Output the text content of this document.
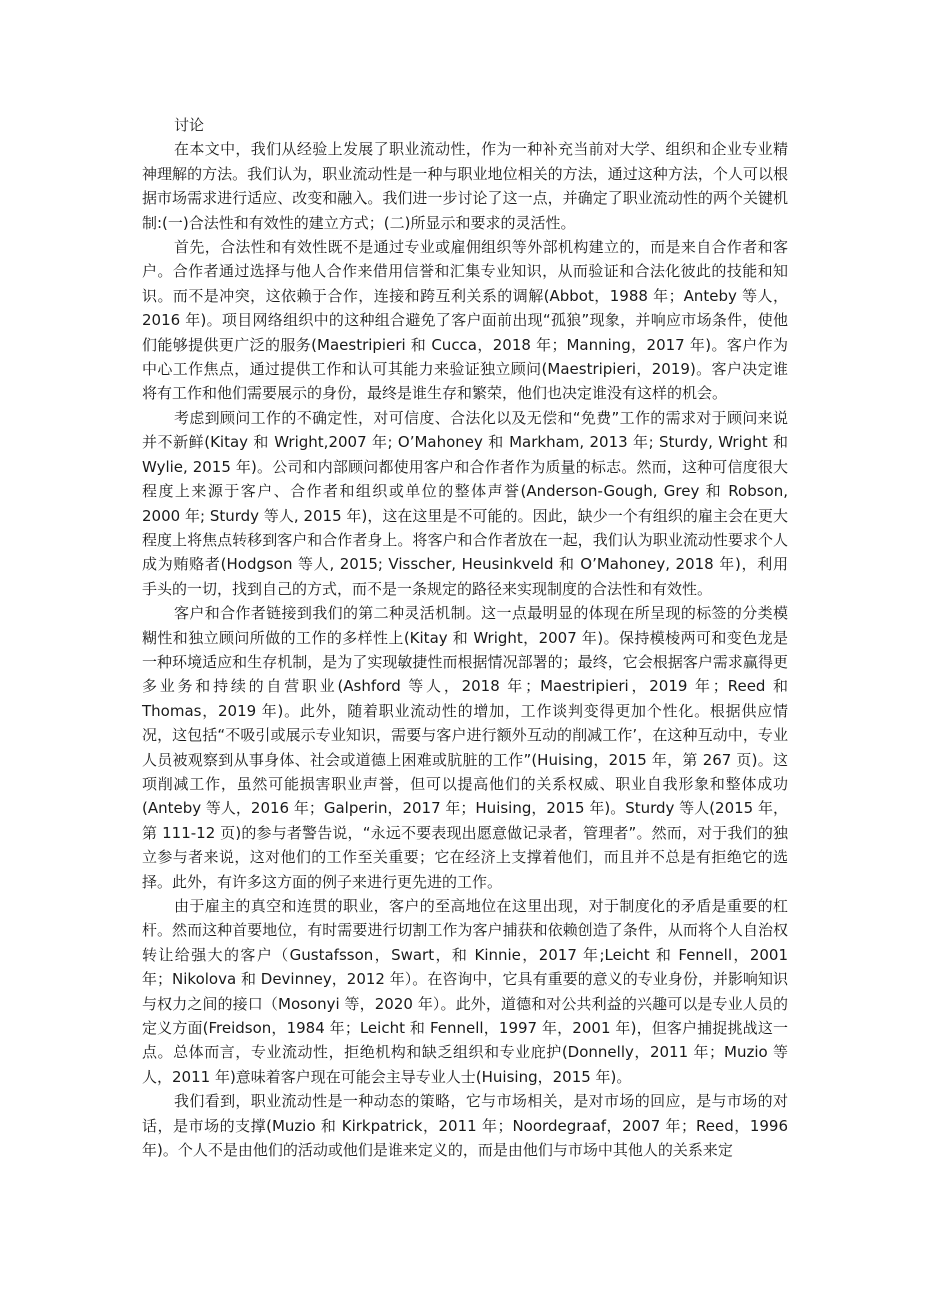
讨论

在本文中，我们从经验上发展了职业流动性，作为一种补充当前对大学、组织和企业专业精神理解的方法。我们认为，职业流动性是一种与职业地位相关的方法，通过这种方法，个人可以根据市场需求进行适应、改变和融入。我们进一步讨论了这一点，并确定了职业流动性的两个关键机制:(一)合法性和有效性的建立方式；(二)所显示和要求的灵活性。

首先，合法性和有效性既不是通过专业或雇佣组织等外部机构建立的，而是来自合作者和客户。合作者通过选择与他人合作来借用信誉和汇集专业知识，从而验证和合法化彼此的技能和知识。而不是冲突，这依赖于合作，连接和跨互利关系的调解(Abbot，1988 年；Anteby 等人，2016 年)。项目网络组织中的这种组合避免了客户面前出现“孤狼”现象，并响应市场条件，使他们能够提供更广泛的服务(Maestripieri 和 Cucca，2018 年；Manning，2017 年)。客户作为中心工作焦点，通过提供工作和认可其能力来验证独立顾问(Maestripieri，2019)。客户决定谁将有工作和他们需要展示的身份，最终是谁生存和繁荣，他们也决定谁没有这样的机会。

考虑到顾问工作的不确定性，对可信度、合法化以及无偿和“免费”工作的需求对于顾问来说并不新鲜(Kitay 和 Wright,2007 年; O’Mahoney 和 Markham, 2013 年; Sturdy, Wright 和 Wylie, 2015 年)。公司和内部顾问都使用客户和合作者作为质量的标志。然而，这种可信度很大程度上来源于客户、合作者和组织或单位的整体声誉(Anderson-Gough, Grey 和 Robson, 2000 年; Sturdy 等人, 2015 年)，这在这里是不可能的。因此，缺少一个有组织的雇主会在更大程度上将焦点转移到客户和合作者身上。将客户和合作者放在一起，我们认为职业流动性要求个人成为贿赂者(Hodgson 等人, 2015; Visscher, Heusinkveld 和 O’Mahoney, 2018 年)，利用手头的一切，找到自己的方式，而不是一条规定的路径来实现制度的合法性和有效性。

客户和合作者链接到我们的第二种灵活机制。这一点最明显的体现在所呈现的标签的分类模糊性和独立顾问所做的工作的多样性上(Kitay 和 Wright，2007 年)。保持模棱两可和变色龙是一种环境适应和生存机制，是为了实现敏捷性而根据情况部署的；最终，它会根据客户需求赢得更多业务和持续的自营职业(Ashford 等人，2018 年；Maestripieri，2019 年；Reed 和 Thomas，2019 年)。此外，随着职业流动性的增加，工作谈判变得更加个性化。根据供应情况，这包括“不吸引或展示专业知识，需要与客户进行额外互动的削减工作’，在这种互动中，专业人员被观察到从事身体、社会或道德上困难或肮脏的工作”(Huising，2015 年，第 267 页)。这项削减工作，虽然可能损害职业声誉，但可以提高他们的关系权威、职业自我形象和整体成功(Anteby 等人，2016 年；Galperin，2017 年；Huising，2015 年)。Sturdy 等人(2015 年，第 111-12 页)的参与者警告说，“永远不要表现出愿意做记录者，管理者”。然而，对于我们的独立参与者来说，这对他们的工作至关重要；它在经济上支撑着他们，而且并不总是有拒绝它的选择。此外，有许多这方面的例子来进行更先进的工作。

由于雇主的真空和连贯的职业，客户的至高地位在这里出现，对于制度化的矛盾是重要的杠杆。然而这种首要地位，有时需要进行切割工作为客户捕获和依赖创造了条件，从而将个人自治权转让给强大的客户（Gustafsson，Swart，和 Kinnie，2017 年;Leicht 和 Fennell，2001 年；Nikolova 和 Devinney，2012 年）。在咨询中，它具有重要的意义的专业身份，并影响知识与权力之间的接口（Mosonyi 等，2020 年）。此外，道德和对公共利益的兴趣可以是专业人员的定义方面(Freidson，1984 年；Leicht 和 Fennell，1997 年，2001 年)，但客户捕捉挑战这一点。总体而言，专业流动性，拒绝机构和缺乏组织和专业庇护(Donnelly，2011 年；Muzio 等人，2011 年)意味着客户现在可能会主导专业人士(Huising，2015 年)。

我们看到，职业流动性是一种动态的策略，它与市场相关，是对市场的回应，是与市场的对话，是市场的支撑(Muzio 和 Kirkpatrick，2011 年；Noordegraaf，2007 年；Reed，1996 年)。个人不是由他们的活动或他们是谁来定义的，而是由他们与市场中其他人的关系来定
